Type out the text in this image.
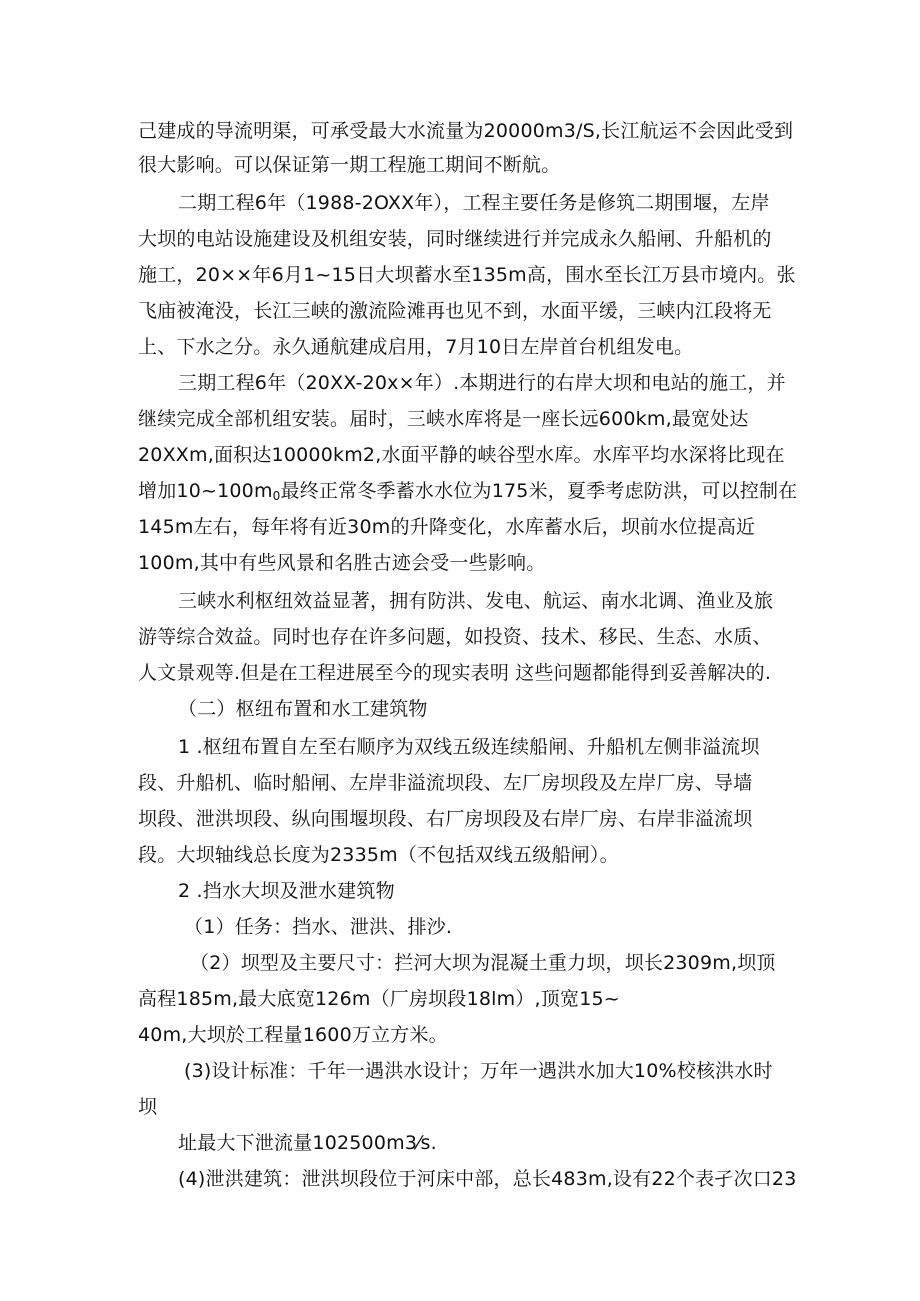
己建成的导流明渠，可承受最大水流量为20000m3/S,长江航运不会因此受到
很大影响。可以保证第一期工程施工期间不断航。
二期工程6年（1988-2OXX年），工程主要任务是修筑二期围堰，左岸
大坝的电站设施建设及机组安装，同时继续进行并完成永久船闸、升船机的
施工，20××年6月1~15日大坝蓄水至135m高，围水至长江万县市境内。张
飞庙被淹没，长江三峡的激流险滩再也见不到，水面平缓，三峡内江段将无
上、下水之分。永久通航建成启用，7月10日左岸首台机组发电。
三期工程6年（20XX-20x×年）.本期进行的右岸大坝和电站的施工，并
继续完成全部机组安装。届时，三峡水库将是一座长远600km,最宽处达
20XXm,面积达10000km2,水面平静的峡谷型水库。水库平均水深将比现在
增加$10\sim 100m_0$最终正常冬季蓄水水位为175米，夏季考虑防洪，可以控制在
145m左右，每年将有近30m的升降变化，水库蓄水后，坝前水位提高近
100m,其中有些风景和名胜古迹会受一些影响。
三峡水利枢纽效益显著，拥有防洪、发电、航运、南水北调、渔业及旅
游等综合效益。同时也存在许多问题，如投资、技术、移民、生态、水质、
人文景观等.但是在工程进展至今的现实表明 这些问题都能得到妥善解决的.
（二）枢纽布置和水工建筑物
1 .枢纽布置自左至右顺序为双线五级连续船闸、升船机左侧非溢流坝
段、升船机、临时船闸、左岸非溢流坝段、左厂房坝段及左岸厂房、导墙
坝段、泄洪坝段、纵向围堰坝段、右厂房坝段及右岸厂房、右岸非溢流坝
段。大坝轴线总长度为2335m（不包括双线五级船闸）。
2 .挡水大坝及泄水建筑物
（1）任务：挡水、泄洪、排沙.
（2）坝型及主要尺寸：拦河大坝为混凝土重力坝，坝长2309m,坝顶
高程185m,最大底宽126m（厂房坝段18lm）,顶宽15~
40m,大坝於工程量1600万立方米。
(3)设计标准：千年一遇洪水设计；万年一遇洪水加大10%校核洪水时
坝
址最大下泄流量102500m3⁄s.
(4)泄洪建筑：泄洪坝段位于河床中部，总长483m,设有22个表孑次口23
